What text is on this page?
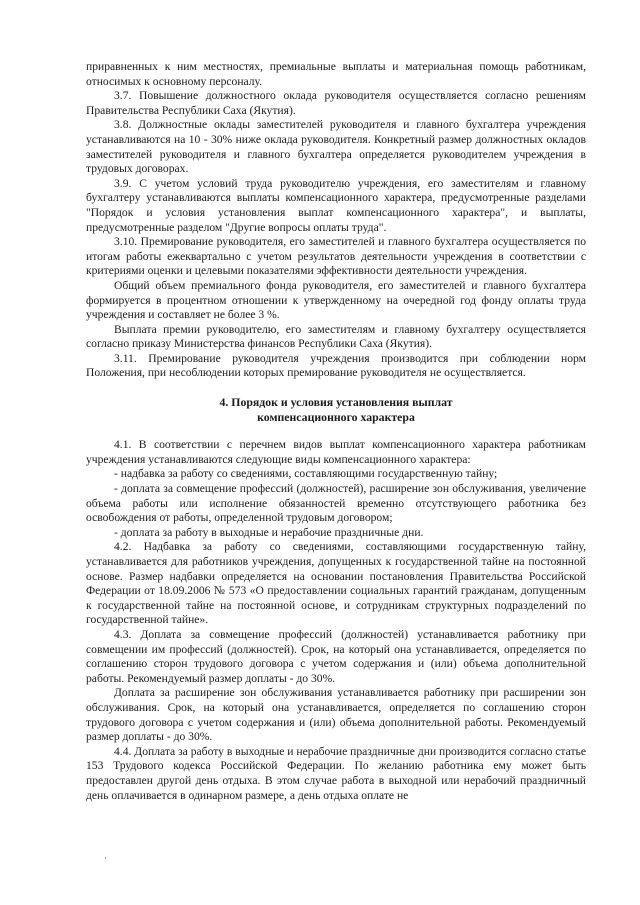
приравненных к ним местностях, премиальные выплаты и материальная помощь работникам, относимых к основному персоналу.

3.7. Повышение должностного оклада руководителя осуществляется согласно решениям Правительства Республики Саха (Якутия).

3.8. Должностные оклады заместителей руководителя и главного бухгалтера учреждения устанавливаются на 10 - 30% ниже оклада руководителя. Конкретный размер должностных окладов заместителей руководителя и главного бухгалтера определяется руководителем учреждения в трудовых договорах.

3.9. С учетом условий труда руководителю учреждения, его заместителям и главному бухгалтеру устанавливаются выплаты компенсационного характера, предусмотренные разделами "Порядок и условия установления выплат компенсационного характера", и выплаты, предусмотренные разделом "Другие вопросы оплаты труда".

3.10. Премирование руководителя, его заместителей и главного бухгалтера осуществляется по итогам работы ежеквартально с учетом результатов деятельности учреждения в соответствии с критериями оценки и целевыми показателями эффективности деятельности учреждения.

Общий объем премиального фонда руководителя, его заместителей и главного бухгалтера формируется в процентном отношении к утвержденному на очередной год фонду оплаты труда учреждения и составляет не более 3 %.

Выплата премии руководителю, его заместителям и главному бухгалтеру осуществляется согласно приказу Министерства финансов Республики Саха (Якутия).

3.11. Премирование руководителя учреждения производится при соблюдении норм Положения, при несоблюдении которых премирование руководителя не осуществляется.

4. Порядок и условия установления выплат

компенсационного характера

4.1. В соответствии с перечнем видов выплат компенсационного характера работникам учреждения устанавливаются следующие виды компенсационного характера:

- надбавка за работу со сведениями, составляющими государственную тайну;

- доплата за совмещение профессий (должностей), расширение зон обслуживания, увеличение объема работы или исполнение обязанностей временно отсутствующего работника без освобождения от работы, определенной трудовым договором;

- доплата за работу в выходные и нерабочие праздничные дни.

4.2. Надбавка за работу со сведениями, составляющими государственную тайну, устанавливается для работников учреждения, допущенных к государственной тайне на постоянной основе. Размер надбавки определяется на основании постановления Правительства Российской Федерации от 18.09.2006 № 573 «О предоставлении социальных гарантий гражданам, допущенным к государственной тайне на постоянной основе, и сотрудникам структурных подразделений по государственной тайне».

4.3. Доплата за совмещение профессий (должностей) устанавливается работнику при совмещении им профессий (должностей). Срок, на который она устанавливается, определяется по соглашению сторон трудового договора с учетом содержания и (или) объема дополнительной работы. Рекомендуемый размер доплаты - до 30%.

Доплата за расширение зон обслуживания устанавливается работнику при расширении зон обслуживания. Срок, на который она устанавливается, определяется по соглашению сторон трудового договора с учетом содержания и (или) объема дополнительной работы. Рекомендуемый размер доплаты - до 30%.

4.4. Доплата за работу в выходные и нерабочие праздничные дни производится согласно статье 153 Трудового кодекса Российской Федерации. По желанию работника ему может быть предоставлен другой день отдыха. В этом случае работа в выходной или нерабочий праздничный день оплачивается в одинарном размере, а день отдыха оплате не

·
